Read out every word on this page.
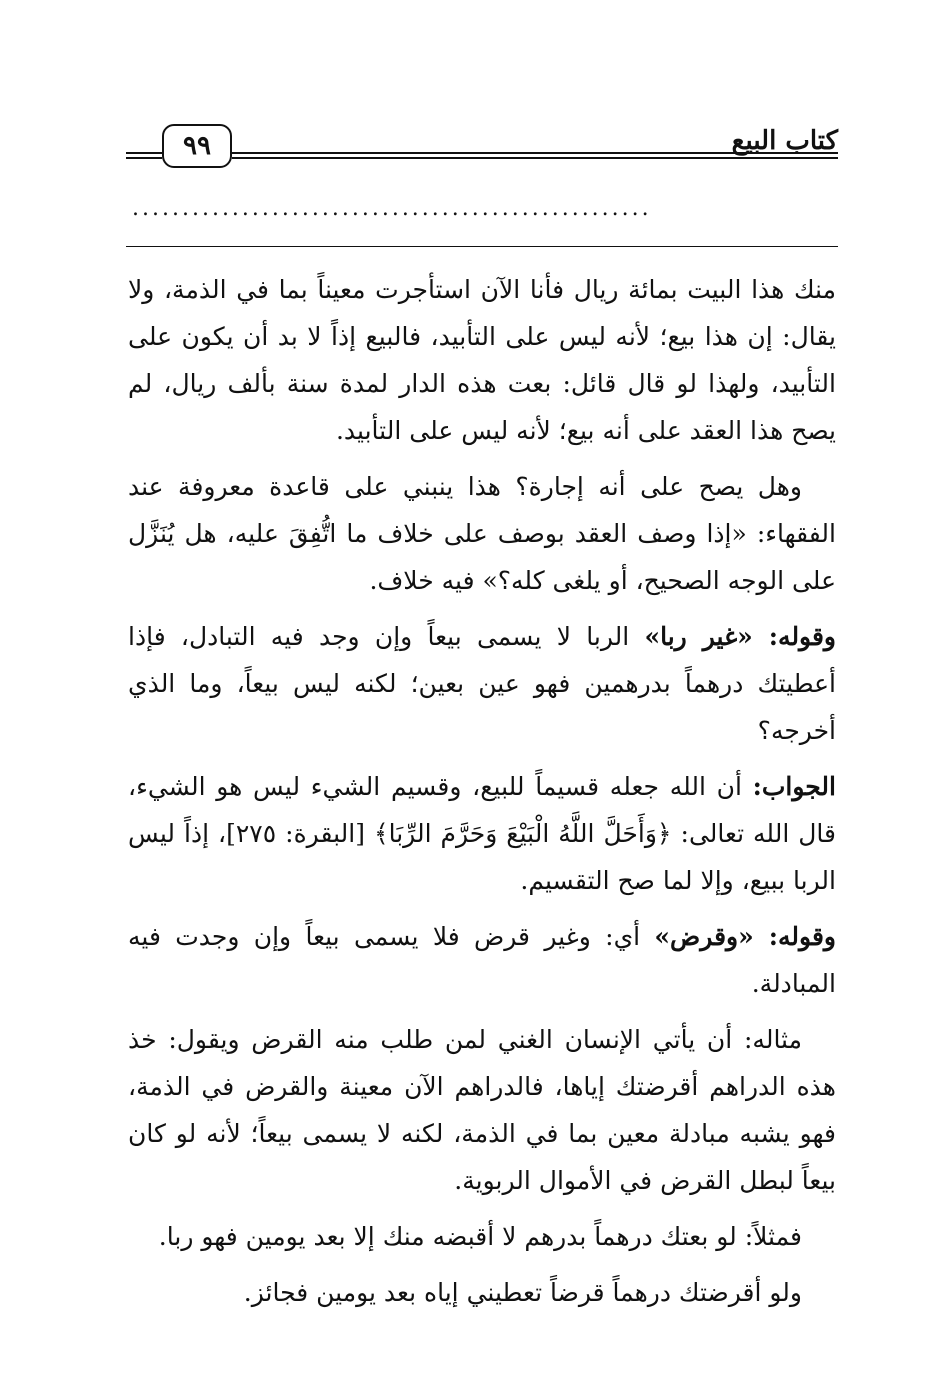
٩٩	كتاب البيع
....................................................

منك هذا البيت بمائة ريال فأنا الآن استأجرت معيناً بما في الذمة، ولا يقال: إن هذا بيع؛ لأنه ليس على التأبيد، فالبيع إذاً لا بد أن يكون على التأبيد، ولهذا لو قال قائل: بعت هذه الدار لمدة سنة بألف ريال، لم يصح هذا العقد على أنه بيع؛ لأنه ليس على التأبيد.

وهل يصح على أنه إجارة؟ هذا ينبني على قاعدة معروفة عند الفقهاء: «إذا وصف العقد بوصف على خلاف ما اتُّفِقَ عليه، هل يُنَزَّل على الوجه الصحيح، أو يلغى كله؟» فيه خلاف.

وقوله: «غير ربا» الربا لا يسمى بيعاً وإن وجد فيه التبادل، فإذا أعطيتك درهماً بدرهمين فهو عين بعين؛ لكنه ليس بيعاً، وما الذي أخرجه؟

الجواب: أن الله جعله قسيماً للبيع، وقسيم الشيء ليس هو الشيء، قال الله تعالى: ﴿وَأَحَلَّ اللَّهُ الْبَيْعَ وَحَرَّمَ الرِّبَا﴾ [البقرة: ٢٧٥]، إذاً ليس الربا ببيع، وإلا لما صح التقسيم.

وقوله: «وقرض» أي: وغير قرض فلا يسمى بيعاً وإن وجدت فيه المبادلة.

مثاله: أن يأتي الإنسان الغني لمن طلب منه القرض ويقول: خذ هذه الدراهم أقرضتك إياها، فالدراهم الآن معينة والقرض في الذمة، فهو يشبه مبادلة معين بما في الذمة، لكنه لا يسمى بيعاً؛ لأنه لو كان بيعاً لبطل القرض في الأموال الربوية.

فمثلاً: لو بعتك درهماً بدرهم لا أقبضه منك إلا بعد يومين فهو ربا.

ولو أقرضتك درهماً قرضاً تعطيني إياه بعد يومين فجائز.
